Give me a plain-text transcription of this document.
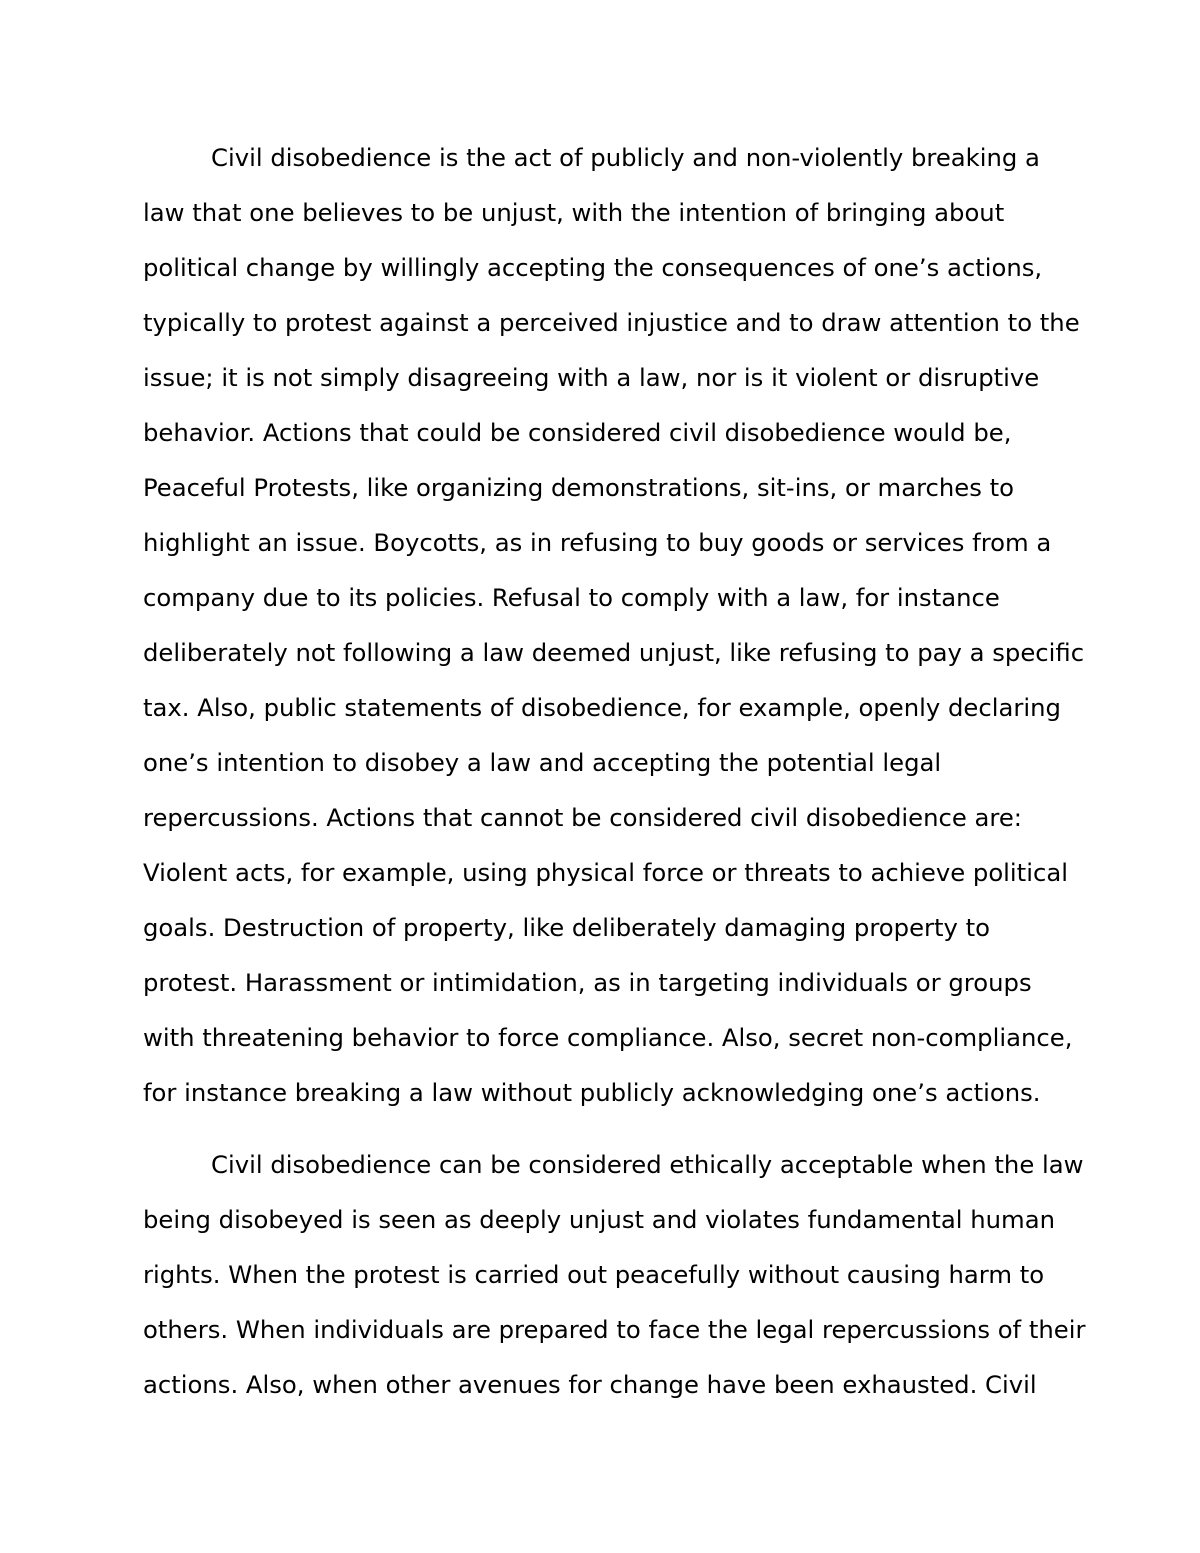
Civil disobedience is the act of publicly and non-violently breaking a
law that one believes to be unjust, with the intention of bringing about
political change by willingly accepting the consequences of one’s actions,
typically to protest against a perceived injustice and to draw attention to the
issue; it is not simply disagreeing with a law, nor is it violent or disruptive
behavior. Actions that could be considered civil disobedience would be,
Peaceful Protests, like organizing demonstrations, sit-ins, or marches to
highlight an issue. Boycotts, as in refusing to buy goods or services from a
company due to its policies. Refusal to comply with a law, for instance
deliberately not following a law deemed unjust, like refusing to pay a specific
tax. Also, public statements of disobedience, for example, openly declaring
one’s intention to disobey a law and accepting the potential legal
repercussions. Actions that cannot be considered civil disobedience are:
Violent acts, for example, using physical force or threats to achieve political
goals. Destruction of property, like deliberately damaging property to
protest. Harassment or intimidation, as in targeting individuals or groups
with threatening behavior to force compliance. Also, secret non-compliance,
for instance breaking a law without publicly acknowledging one’s actions.
Civil disobedience can be considered ethically acceptable when the law
being disobeyed is seen as deeply unjust and violates fundamental human
rights. When the protest is carried out peacefully without causing harm to
others. When individuals are prepared to face the legal repercussions of their
actions. Also, when other avenues for change have been exhausted. Civil
